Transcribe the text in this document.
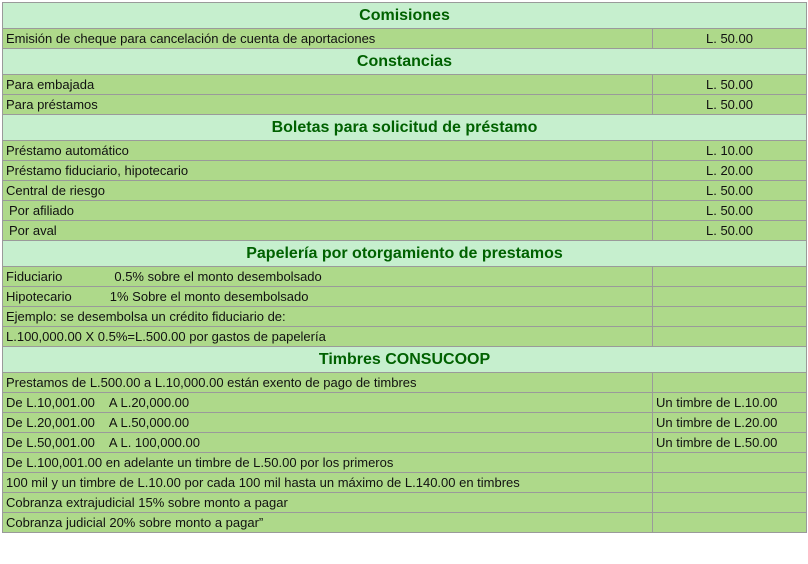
Comisiones	
Emisión de cheque para cancelación de cuenta de aportaciones	L. 50.00
Constancias	
Para embajada	L. 50.00
Para préstamos	L. 50.00
Boletas para solicitud de préstamo	
Préstamo automático	L. 10.00
Préstamo fiduciario, hipotecario	L. 20.00
Central de riesgo	L. 50.00
Por afiliado	L. 50.00
Por aval	L. 50.00
Papelería por otorgamiento de prestamos	
Fiduciario 0.5% sobre el monto desembolsado	
Hipotecario 1% Sobre el monto desembolsado	
Ejemplo: se desembolsa un crédito fiduciario de:	
L.100,000.00 X 0.5%=L.500.00 por gastos de papelería	
Timbres CONSUCOOP	
Prestamos de L.500.00 a L.10,000.00 están exento de pago de timbres	
De L.10,001.00 A L.20,000.00	Un timbre de L.10.00
De L.20,001.00 A L.50,000.00	Un timbre de L.20.00
De L.50,001.00 A L. 100,000.00	Un timbre de L.50.00
De L.100,001.00 en adelante un timbre de L.50.00 por los primeros	
100 mil y un timbre de L.10.00 por cada 100 mil hasta un máximo de L.140.00 en timbres	
Cobranza extrajudicial 15% sobre monto a pagar	
Cobranza judicial 20% sobre monto a pagar”	
